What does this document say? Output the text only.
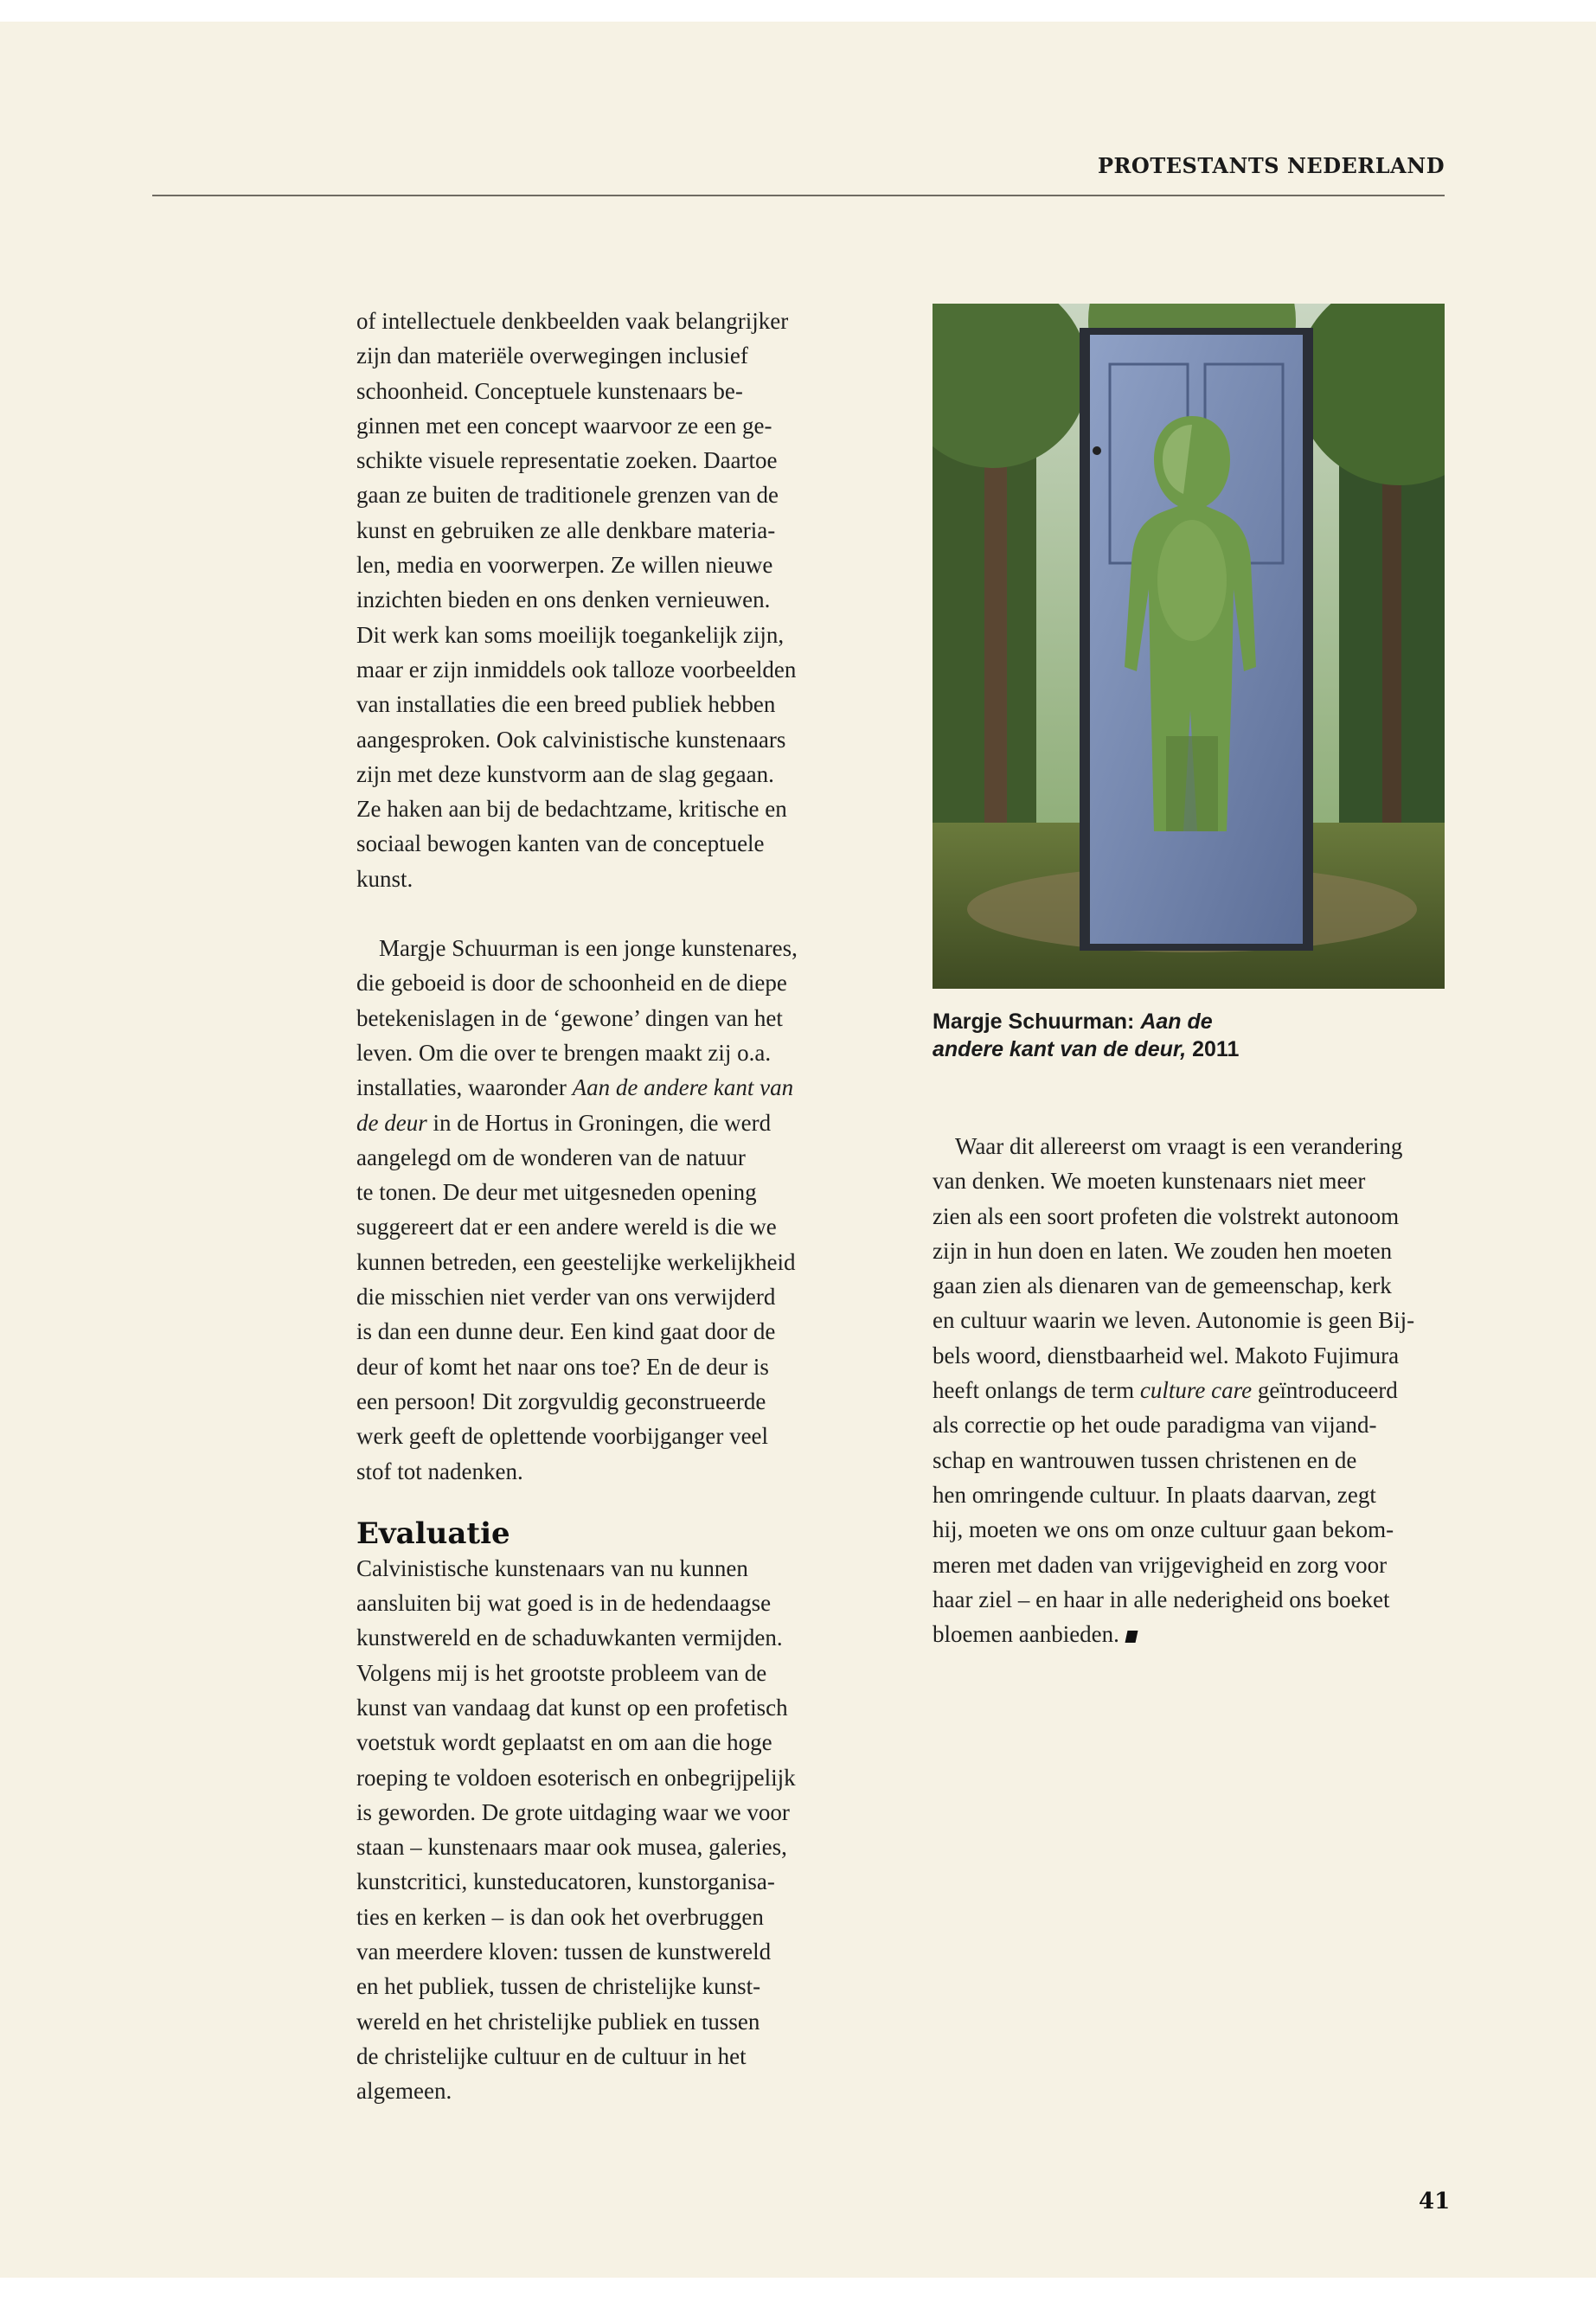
PROTESTANTS NEDERLAND

of intellectuele denkbeelden vaak belangrijker
zijn dan materiële overwegingen inclusief
schoonheid. Conceptuele kunstenaars be-
ginnen met een concept waarvoor ze een ge-
schikte visuele representatie zoeken. Daartoe
gaan ze buiten de traditionele grenzen van de
kunst en gebruiken ze alle denkbare materia-
len, media en voorwerpen. Ze willen nieuwe
inzichten bieden en ons denken vernieuwen.
Dit werk kan soms moeilijk toegankelijk zijn,
maar er zijn inmiddels ook talloze voorbeelden
van installaties die een breed publiek hebben
aangesproken. Ook calvinistische kunstenaars
zijn met deze kunstvorm aan de slag gegaan.
Ze haken aan bij de bedachtzame, kritische en
sociaal bewogen kanten van de conceptuele
kunst.

Margje Schuurman is een jonge kunstenares,
die geboeid is door de schoonheid en de diepe
betekenislagen in de ‘gewone’ dingen van het
leven. Om die over te brengen maakt zij o.a.
installaties, waaronder Aan de andere kant van
de deur in de Hortus in Groningen, die werd
aangelegd om de wonderen van de natuur
te tonen. De deur met uitgesneden opening
suggereert dat er een andere wereld is die we
kunnen betreden, een geestelijke werkelijkheid
die misschien niet verder van ons verwijderd
is dan een dunne deur. Een kind gaat door de
deur of komt het naar ons toe? En de deur is
een persoon! Dit zorgvuldig geconstrueerde
werk geeft de oplettende voorbijganger veel
stof tot nadenken.

Evaluatie

Calvinistische kunstenaars van nu kunnen
aansluiten bij wat goed is in de hedendaagse
kunstwereld en de schaduwkanten vermijden.
Volgens mij is het grootste probleem van de
kunst van vandaag dat kunst op een profetisch
voetstuk wordt geplaatst en om aan die hoge
roeping te voldoen esoterisch en onbegrijpelijk
is geworden. De grote uitdaging waar we voor
staan – kunstenaars maar ook musea, galeries,
kunstcritici, kunsteducatoren, kunstorganisa-
ties en kerken – is dan ook het overbruggen
van meerdere kloven: tussen de kunstwereld
en het publiek, tussen de christelijke kunst-
wereld en het christelijke publiek en tussen
de christelijke cultuur en de cultuur in het
algemeen.

Margje Schuurman: Aan de
andere kant van de deur, 2011

Waar dit allereerst om vraagt is een verandering
van denken. We moeten kunstenaars niet meer
zien als een soort profeten die volstrekt autonoom
zijn in hun doen en laten. We zouden hen moeten
gaan zien als dienaren van de gemeenschap, kerk
en cultuur waarin we leven. Autonomie is geen Bij-
bels woord, dienstbaarheid wel. Makoto Fujimura
heeft onlangs de term culture care geïntroduceerd
als correctie op het oude paradigma van vijand-
schap en wantrouwen tussen christenen en de
hen omringende cultuur. In plaats daarvan, zegt
hij, moeten we ons om onze cultuur gaan bekom-
meren met daden van vrijgevigheid en zorg voor
haar ziel – en haar in alle nederigheid ons boeket
bloemen aanbieden.

41
